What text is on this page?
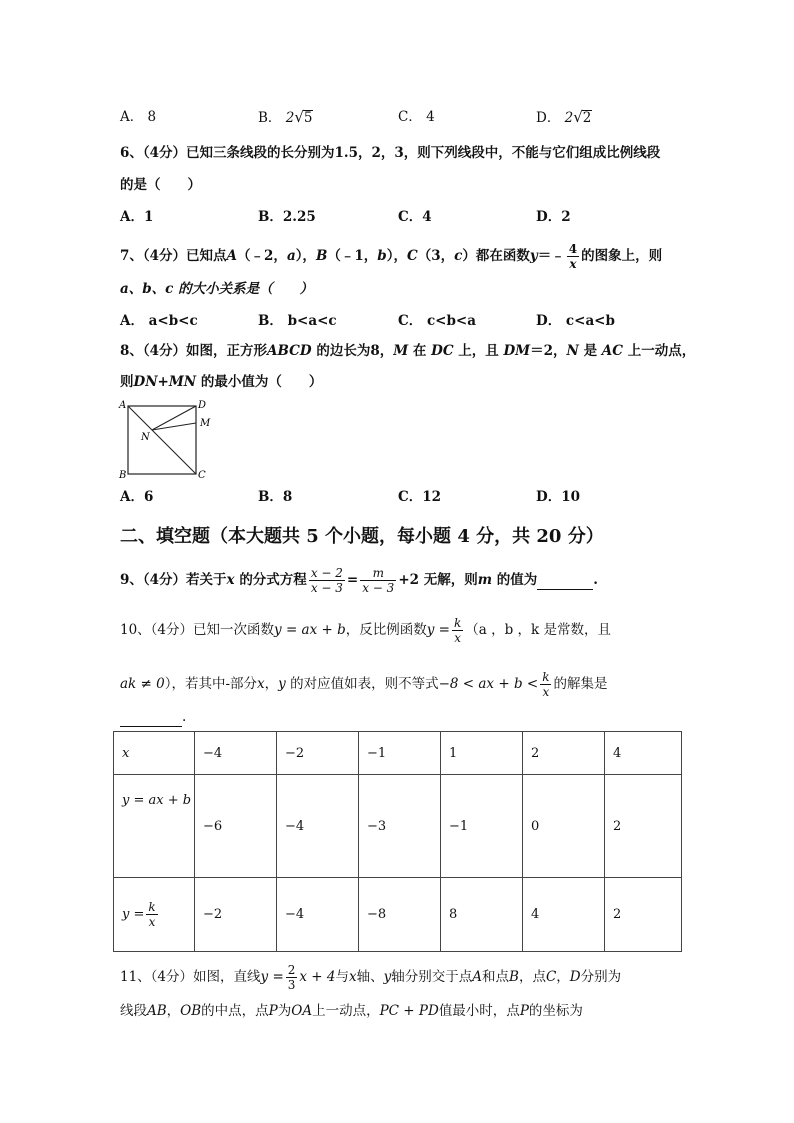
A． 8	B． 2√5	C． 4	D． 2√2
6、（4分）已知三条线段的长分别为1.5，2，3，则下列线段中，不能与它们组成比例线段
的是（　　）
A．1	B．2.25	C．4	D．2
7、（4分）已知点A（﹣2，a），B（﹣1，b），C（3，c）都在函数y＝﹣ $\frac{4}{x}$ 的图象上，则
a、b、c 的大小关系是（　　）
A． a<b<c	B． b<a<c	C． c<b<a	D． c<a<b
8、（4分）如图，正方形ABCD 的边长为8，M 在 DC 上，且 DM＝2，N 是 AC 上一动点，
则DN+MN 的最小值为（　　）
A	D
M
N
B	C
A．6	B．8	C．12	D．10
二、填空题（本大题共 5 个小题，每小题 4 分，共 20 分）
9、（4分）若关于x 的分式方程 $\frac{x - 2}{x - 3} = \frac{m}{x - 3} +2$ 无解，则m 的值为	.
10、（4分）已知一次函数y = ax + b，反比例函数$y = \frac{k}{x} (a$ ，b ，k 是常数，且
ak ≠ 0），若其中-部分x，y 的对应值如表，则不等式−8 < ax + $b < \frac{k}{x}$ 的解集是
.
x	−4	−2	−1	1	2	4
y = ax + b	−6	−4	−3	−1	0	2
$y = \frac{k}{x}$	−2	−4	−8	8	4	2
11、（4分）如图，直线$y = \frac{2}{3}$ x + 4与x轴、y轴分别交于点A和点B，点C，D分别为
线段AB，OB的中点，点P为OA上一动点，PC + PD值最小时，点P的坐标为
